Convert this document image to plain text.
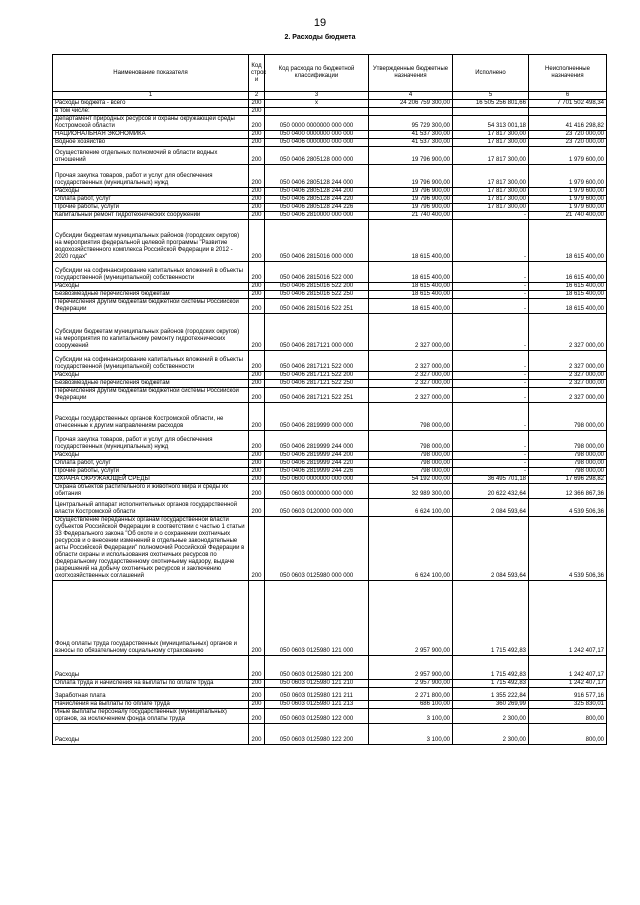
19
2. Расходы бюджета
Наименование показателя	Код строк и	Код расхода по бюджетной классификации	Утвержденные бюджетные назначения	Исполнено	Неисполненные назначения
1	2	3	4	5	6
Расходы бюджета - всего	200	x	24 206 759 300,00	16 505 256 801,66	7 701 502 498,34
в том числе:	200				
Департамент природных ресурсов и охраны окружающей среды Костромской области	200	050 0000 0000000 000 000	95 729 300,00	54 313 001,18	41 416 298,82
НАЦИОНАЛЬНАЯ ЭКОНОМИКА	200	050 0400 0000000 000 000	41 537 300,00	17 817 300,00	23 720 000,00
Водное хозяйство	200	050 0406 0000000 000 000	41 537 300,00	17 817 300,00	23 720 000,00
Осуществление отдельных полномочий в области водных отношений	200	050 0406 2805128 000 000	19 796 900,00	17 817 300,00	1 979 600,00
Прочая закупка товаров, работ и услуг для обеспечения государственных (муниципальных) нужд	200	050 0406 2805128 244 000	19 796 900,00	17 817 300,00	1 979 600,00
Расходы	200	050 0406 2805128 244 200	19 796 900,00	17 817 300,00	1 979 600,00
Оплата работ, услуг	200	050 0406 2805128 244 220	19 796 900,00	17 817 300,00	1 979 600,00
Прочие работы, услуги	200	050 0406 2805128 244 226	19 796 900,00	17 817 300,00	1 979 600,00
Капитальный ремонт гидротехнических сооружений	200	050 0406 2810000 000 000	21 740 400,00	-	21 740 400,00
Субсидии бюджетам муниципальных районов (городских округов) на мероприятия федеральной целевой программы "Развитие водохозяйственного комплекса Российской Федерации в 2012 - 2020 годах"	200	050 0406 2815016 000 000	18 615 400,00	-	18 615 400,00
Субсидии на софинансирование капитальных вложений в объекты государственной (муниципальной) собственности	200	050 0406 2815016 522 000	18 615 400,00	-	16 615 400,00
Расходы	200	050 0406 2815016 522 200	18 615 400,00	-	16 615 400,00
Безвозмездные перечисления бюджетам	200	050 0406 2815016 522 250	18 615 400,00	-	18 615 400,00
Перечисления другим бюджетам бюджетной системы Российской Федерации	200	050 0406 2815016 522 251	18 615 400,00	-	18 615 400,00
Субсидии бюджетам муниципальных районов (городских округов) на мероприятия по капитальному ремонту гидротехнических сооружений	200	050 0406 2817121 000 000	2 327 000,00	-	2 327 000,00
Субсидии на софинансирование капитальных вложений в объекты государственной (муниципальной) собственности	200	050 0406 2817121 522 000	2 327 000,00	-	2 327 000,00
Расходы	200	050 0406 2817121 522 200	2 327 000,00	-	2 327 000,00
Безвозмездные перечисления бюджетам	200	050 0406 2817121 522 250	2 327 000,00	-	2 327 000,00
Перечисления другим бюджетам бюджетной системы Российской Федерации	200	050 0406 2817121 522 251	2 327 000,00	-	2 327 000,00
Расходы государственных органов Костромской области, не отнесенные к другим направлениям расходов	200	050 0406 2819999 000 000	798 000,00	-	798 000,00
Прочая закупка товаров, работ и услуг для обеспечения государственных (муниципальных) нужд	200	050 0406 2819999 244 000	798 000,00	-	798 000,00
Расходы	200	050 0406 2819999 244 200	798 000,00	-	798 000,00
Оплата работ, услуг	200	050 0406 2819999 244 220	798 000,00	-	798 000,00
Прочие работы, услуги	200	050 0406 2819999 244 226	798 000,00	-	798 000,00
ОХРАНА ОКРУЖАЮЩЕЙ СРЕДЫ	200	050 0600 0000000 000 000	54 192 000,00	36 495 701,18	17 696 298,82
Охрана объектов растительного и животного мира и среды их обитания	200	050 0603 0000000 000 000	32 989 300,00	20 622 432,64	12 366 867,36
Центральный аппарат исполнительных органов государственной власти Костромской области	200	050 0603 0120000 000 000	6 624 100,00	2 084 593,64	4 539 506,36
Осуществление переданных органам государственной власти субъектов Российской Федерации в соответствии с частью 1 статьи 33 Федерального закона "Об охоте и о сохранении охотничьих ресурсов и о внесении изменений в отдельные законодательные акты Российской Федерации" полномочий Российской Федерации в области охраны и использования охотничьих ресурсов по федеральному государственному охотничьему надзору, выдаче разрешений на добычу охотничьих ресурсов и заключению охотхозяйственных соглашений	200	050 0603 0125980 000 000	6 624 100,00	2 084 593,64	4 539 506,36
Фонд оплаты труда государственных (муниципальных) органов и взносы по обязательному социальному страхованию	200	050 0603 0125980 121 000	2 957 900,00	1 715 492,83	1 242 407,17
Расходы	200	050 0603 0125980 121 200	2 957 900,00	1 715 492,83	1 242 407,17
Оплата труда и начисления на выплаты по оплате труда	200	050 0603 0125980 121 210	2 957 900,00	1 715 492,83	1 242 407,17
Заработная плата	200	050 0603 0125980 121 211	2 271 800,00	1 355 222,84	916 577,16
Начисления на выплаты по оплате труда	200	050 0603 0125980 121 213	686 100,00	360 269,99	325 830,01
Иные выплаты персоналу государственных (муниципальных) органов, за исключением фонда оплаты труда	200	050 0603 0125980 122 000	3 100,00	2 300,00	800,00
Расходы	200	050 0603 0125980 122 200	3 100,00	2 300,00	800,00
